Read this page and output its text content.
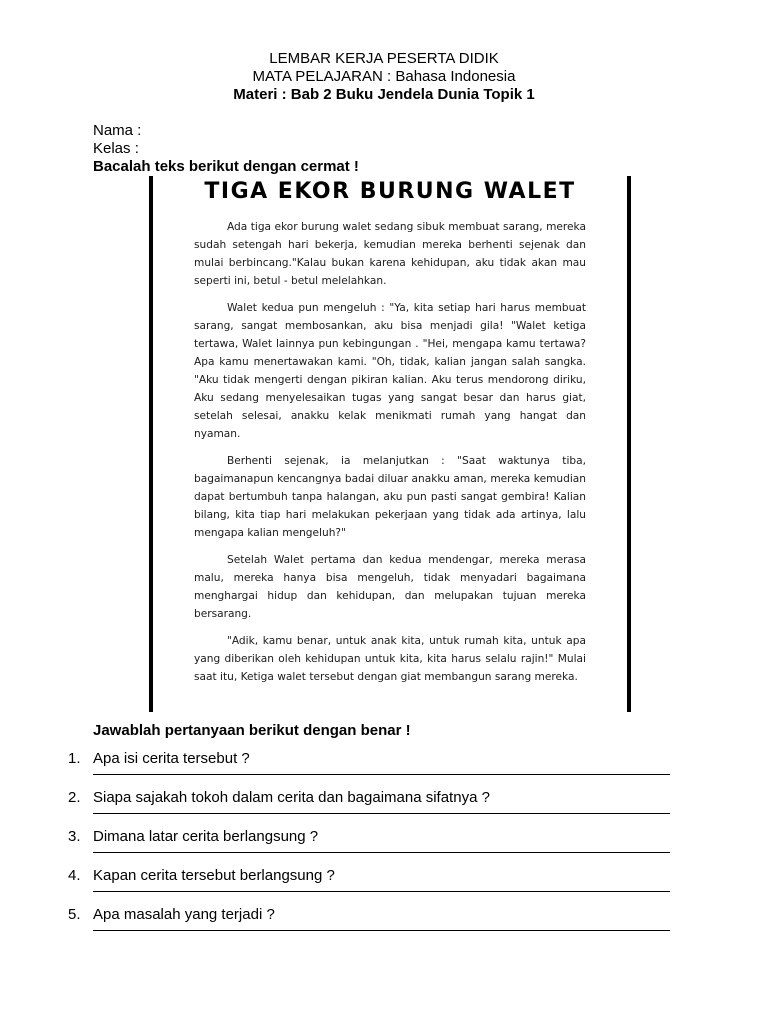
LEMBAR KERJA PESERTA DIDIK
MATA PELAJARAN : Bahasa Indonesia
Materi : Bab 2 Buku Jendela Dunia Topik 1
Nama :
Kelas :
Bacalah teks berikut dengan cermat !
TIGA EKOR BURUNG WALET

Ada tiga ekor burung walet sedang sibuk membuat sarang, mereka sudah setengah hari bekerja, kemudian mereka berhenti sejenak dan mulai berbincang."Kalau bukan karena kehidupan, aku tidak akan mau seperti ini, betul - betul melelahkan.

Walet kedua pun mengeluh : "Ya, kita setiap hari harus membuat sarang, sangat membosankan, aku bisa menjadi gila! "Walet ketiga tertawa, Walet lainnya pun kebingungan . "Hei, mengapa kamu tertawa? Apa kamu menertawakan kami. "Oh, tidak, kalian jangan salah sangka. "Aku tidak mengerti dengan pikiran kalian. Aku terus mendorong diriku, Aku sedang menyelesaikan tugas yang sangat besar dan harus giat, setelah selesai, anakku kelak menikmati rumah yang hangat dan nyaman.

Berhenti sejenak, ia melanjutkan : "Saat waktunya tiba, bagaimanapun kencangnya badai diluar anakku aman, mereka kemudian dapat bertumbuh tanpa halangan, aku pun pasti sangat gembira! Kalian bilang, kita tiap hari melakukan pekerjaan yang tidak ada artinya, lalu mengapa kalian mengeluh?"

Setelah Walet pertama dan kedua mendengar, mereka merasa malu, mereka hanya bisa mengeluh, tidak menyadari bagaimana menghargai hidup dan kehidupan, dan melupakan tujuan mereka bersarang.

"Adik, kamu benar, untuk anak kita, untuk rumah kita, untuk apa yang diberikan oleh kehidupan untuk kita, kita harus selalu rajin!" Mulai saat itu, Ketiga walet tersebut dengan giat membangun sarang mereka.

Jawablah pertanyaan berikut dengan benar !
1. Apa isi cerita tersebut ?
2. Siapa sajakah tokoh dalam cerita dan bagaimana sifatnya ?
3. Dimana latar cerita berlangsung ?
4. Kapan cerita tersebut berlangsung ?
5. Apa masalah yang terjadi ?
